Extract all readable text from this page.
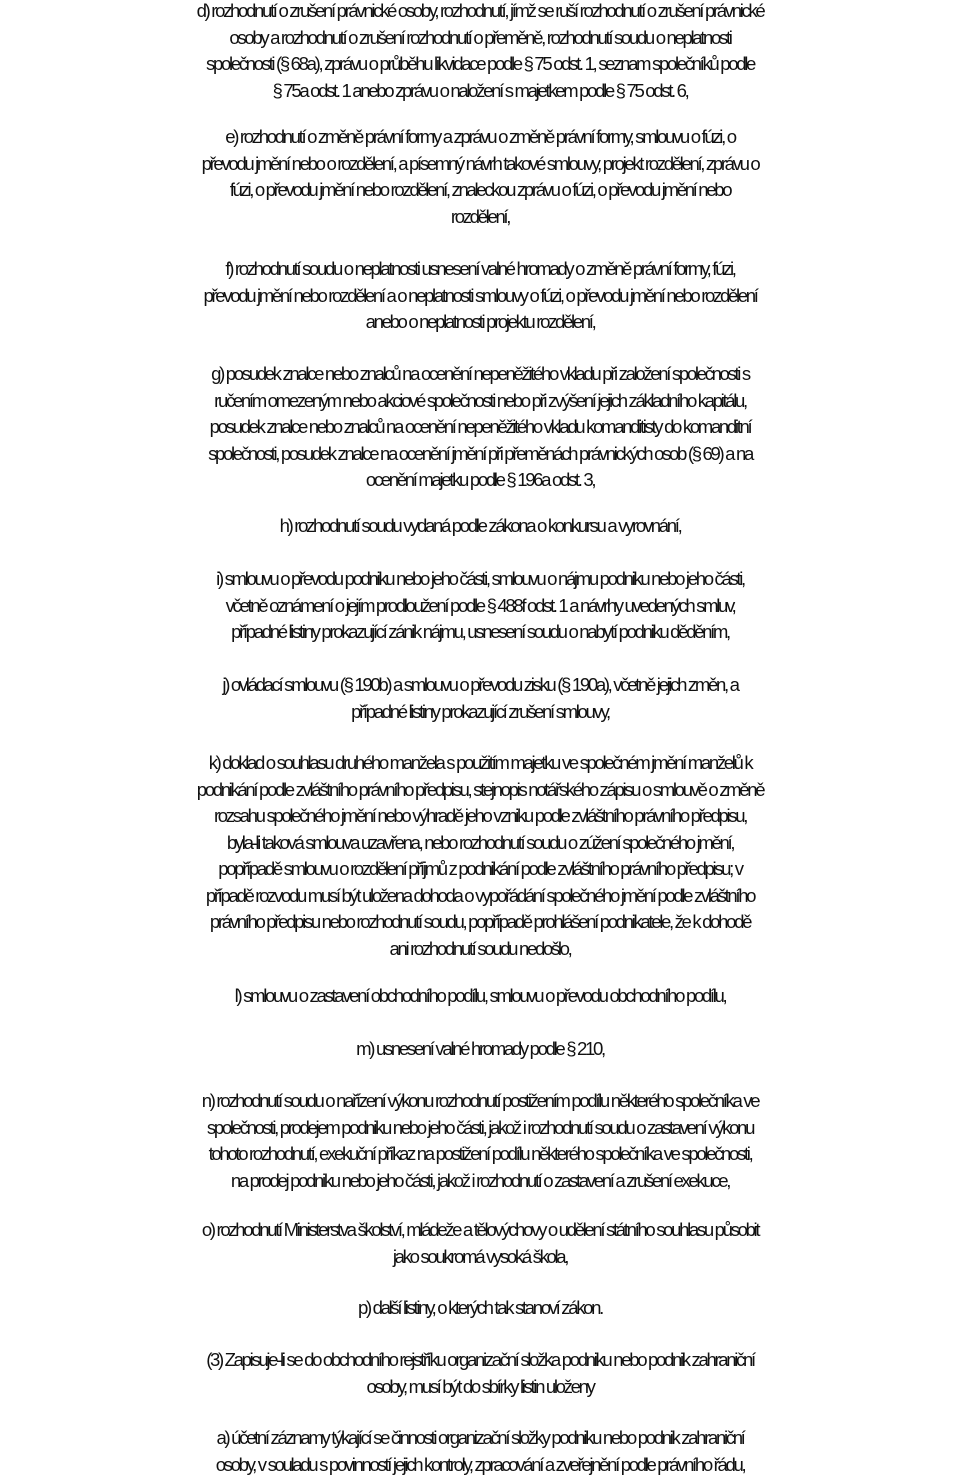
d) rozhodnutí o zrušení právnické osoby, rozhodnutí, jímž se ruší rozhodnutí o zrušení právnické
osoby a rozhodnutí o zrušení rozhodnutí o přeměně, rozhodnutí soudu o neplatnosti
společnosti (§ 68a), zprávu o průběhu likvidace podle § 75 odst. 1, seznam společníků podle
§ 75a odst. 1 anebo zprávu o naložení s majetkem podle § 75 odst. 6,

e) rozhodnutí o změně právní formy a zprávu o změně právní formy, smlouvu o fúzi, o
převodu jmění nebo o rozdělení, a písemný návrh takové smlouvy, projekt rozdělení, zprávu o
fúzi, o převodu jmění nebo rozdělení, znaleckou zprávu o fúzi, o převodu jmění nebo
rozdělení,

f) rozhodnutí soudu o neplatnosti usnesení valné hromady o změně právní formy, fúzi,
převodu jmění nebo rozdělení a o neplatnosti smlouvy o fúzi, o převodu jmění nebo rozdělení
anebo o neplatnosti projektu rozdělení,

g) posudek znalce nebo znalců na ocenění nepeněžitého vkladu při založení společnosti s
ručením omezeným nebo akciové společnosti nebo při zvýšení jejich základního kapitálu,
posudek znalce nebo znalců na ocenění nepeněžitého vkladu komanditisty do komanditní
společnosti, posudek znalce na ocenění jmění při přeměnách právnických osob (§ 69) a na
ocenění majetku podle § 196a odst. 3,

h) rozhodnutí soudu vydaná podle zákona o konkursu a vyrovnání,

i) smlouvu o převodu podniku nebo jeho části, smlouvu o nájmu podniku nebo jeho části,
včetně oznámení o jejím prodloužení podle § 488f odst. 1 a návrhy uvedených smluv,
případné listiny prokazující zánik nájmu, usnesení soudu o nabytí podniku děděním,

j) ovládací smlouvu (§ 190b) a smlouvu o převodu zisku (§ 190a), včetně jejich změn, a
případné listiny prokazující zrušení smlouvy,

k) doklad o souhlasu druhého manžela s použitím majetku ve společném jmění manželů k
podnikání podle zvláštního právního předpisu, stejnopis notářského zápisu o smlouvě o změně
rozsahu společného jmění nebo výhradě jeho vzniku podle zvláštního právního předpisu,
byla-li taková smlouva uzavřena, nebo rozhodnutí soudu o zúžení společného jmění,
popřípadě smlouvu o rozdělení příjmů z podnikání podle zvláštního právního předpisu; v
případě rozvodu musí být uložena dohoda o vypořádání společného jmění podle zvláštního
právního předpisu nebo rozhodnutí soudu, popřípadě prohlášení podnikatele, že k dohodě
ani rozhodnutí soudu nedošlo,

l) smlouvu o zastavení obchodního podílu, smlouvu o převodu obchodního podílu,

m) usnesení valné hromady podle § 210,

n) rozhodnutí soudu o nařízení výkonu rozhodnutí postižením podílu některého společníka ve
společnosti, prodejem podniku nebo jeho části, jakož i rozhodnutí soudu o zastavení výkonu
tohoto rozhodnutí, exekuční příkaz na postižení podílu některého společníka ve společnosti,
na prodej podniku nebo jeho části, jakož i rozhodnutí o zastavení a zrušení exekuce,

o) rozhodnutí Ministerstva školství, mládeže a tělovýchovy o udělení státního souhlasu působit
jako soukromá vysoká škola,

p) další listiny, o kterých tak stanoví zákon.

(3) Zapisuje-li se do obchodního rejstříku organizační složka podniku nebo podnik zahraniční
osoby, musí být do sbírky listin uloženy

a) účetní záznamy týkající se činnosti organizační složky podniku nebo podnik zahraniční
osoby, v souladu s povinností jejich kontroly, zpracování a zveřejnění podle právního řádu,
